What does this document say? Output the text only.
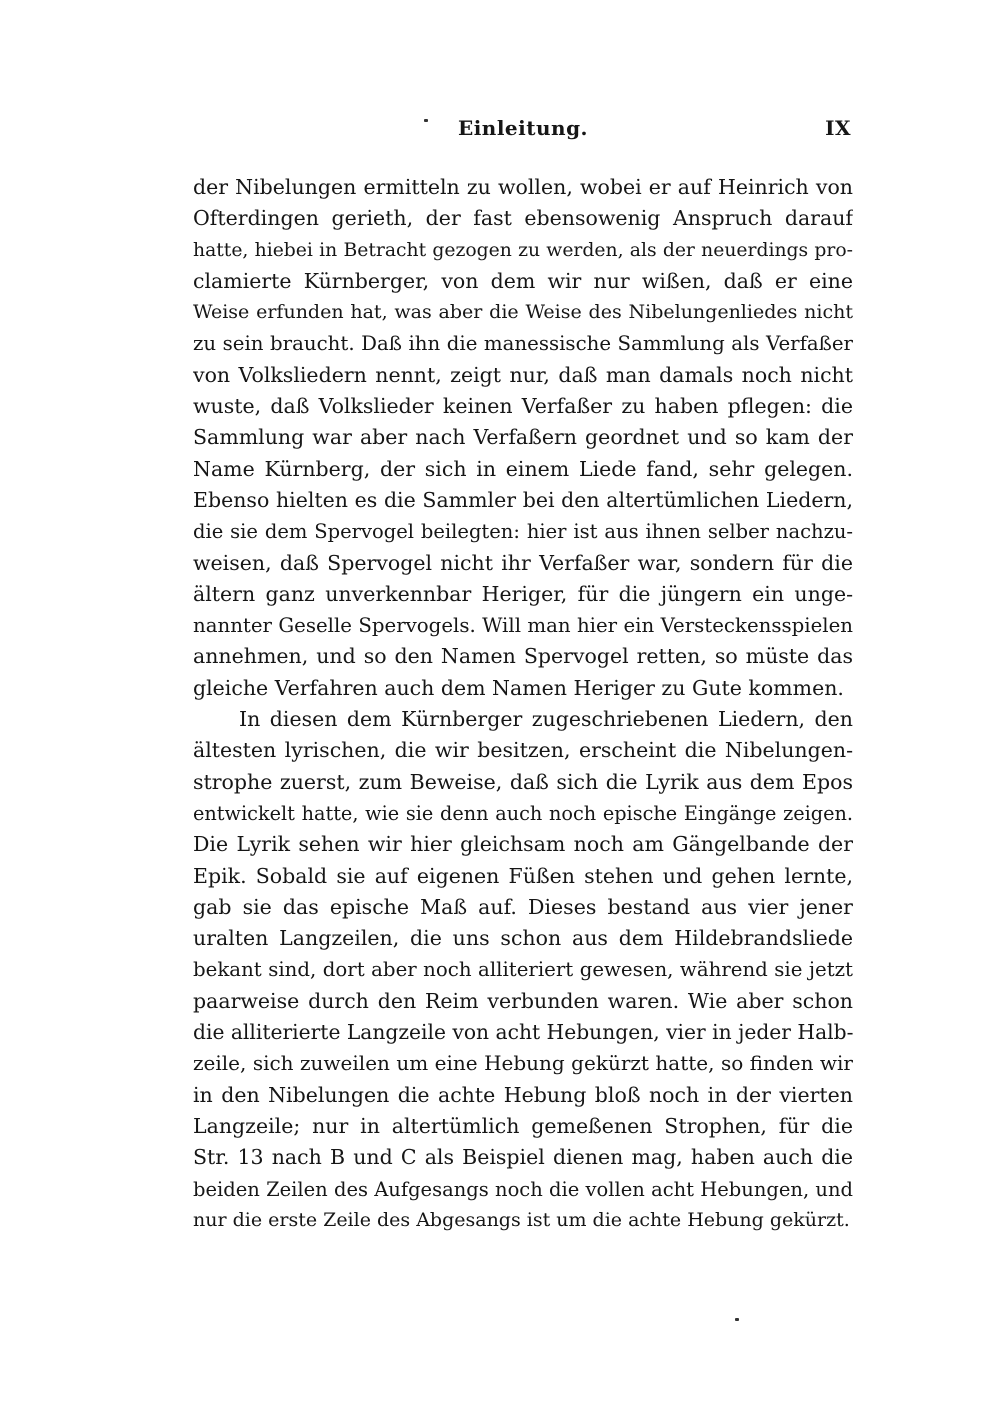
Einleitung.	IX

der Nibelungen ermitteln zu wollen, wobei er auf Heinrich von
Ofterdingen gerieth, der fast ebensowenig Anspruch darauf
hatte, hiebei in Betracht gezogen zu werden, als der neuerdings pro-
clamierte Kürnberger, von dem wir nur wißen, daß er eine
Weise erfunden hat, was aber die Weise des Nibelungenliedes nicht
zu sein braucht. Daß ihn die manessische Sammlung als Verfaßer
von Volksliedern nennt, zeigt nur, daß man damals noch nicht
wuste, daß Volkslieder keinen Verfaßer zu haben pflegen: die
Sammlung war aber nach Verfaßern geordnet und so kam der
Name Kürnberg, der sich in einem Liede fand, sehr gelegen.
Ebenso hielten es die Sammler bei den altertümlichen Liedern,
die sie dem Spervogel beilegten: hier ist aus ihnen selber nachzu-
weisen, daß Spervogel nicht ihr Verfaßer war, sondern für die
ältern ganz unverkennbar Heriger, für die jüngern ein unge-
nannter Geselle Spervogels. Will man hier ein Versteckensspielen
annehmen, und so den Namen Spervogel retten, so müste das
gleiche Verfahren auch dem Namen Heriger zu Gute kommen.

In diesen dem Kürnberger zugeschriebenen Liedern, den
ältesten lyrischen, die wir besitzen, erscheint die Nibelungen-
strophe zuerst, zum Beweise, daß sich die Lyrik aus dem Epos
entwickelt hatte, wie sie denn auch noch epische Eingänge zeigen.
Die Lyrik sehen wir hier gleichsam noch am Gängelbande der
Epik. Sobald sie auf eigenen Füßen stehen und gehen lernte,
gab sie das epische Maß auf. Dieses bestand aus vier jener
uralten Langzeilen, die uns schon aus dem Hildebrandsliede
bekant sind, dort aber noch alliteriert gewesen, während sie jetzt
paarweise durch den Reim verbunden waren. Wie aber schon
die alliterierte Langzeile von acht Hebungen, vier in jeder Halb-
zeile, sich zuweilen um eine Hebung gekürzt hatte, so finden wir
in den Nibelungen die achte Hebung bloß noch in der vierten
Langzeile; nur in altertümlich gemeßenen Strophen, für die
Str. 13 nach B und C als Beispiel dienen mag, haben auch die
beiden Zeilen des Aufgesangs noch die vollen acht Hebungen, und
nur die erste Zeile des Abgesangs ist um die achte Hebung gekürzt.
